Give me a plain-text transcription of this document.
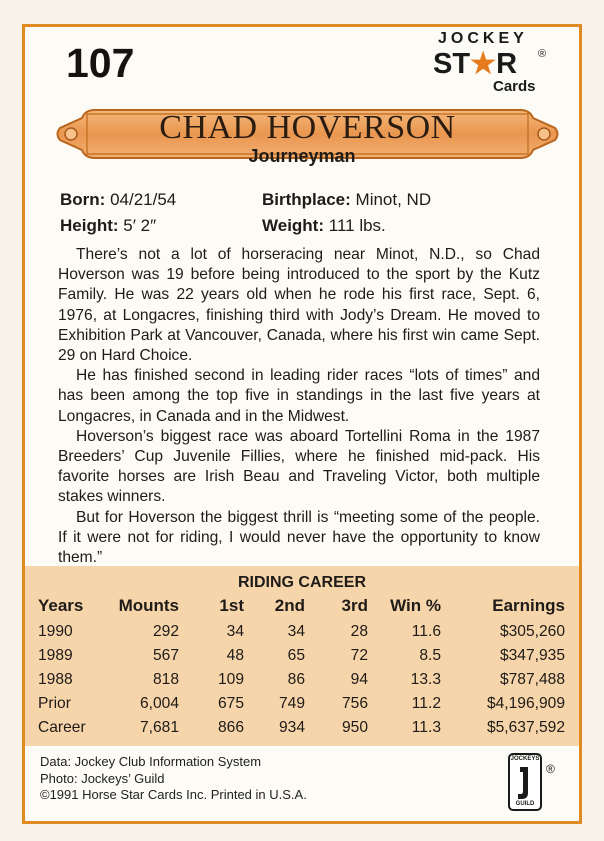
107
JOCKEY
ST★R ®
Cards
CHAD HOVERSON
Journeyman
Born: 04/21/54	Birthplace: Minot, ND
Height: 5′ 2″	Weight: 111 lbs.

There’s not a lot of horseracing near Minot, N.D., so Chad Hoverson was 19 before being introduced to the sport by the Kutz Family. He was 22 years old when he rode his first race, Sept. 6, 1976, at Longacres, finishing third with Jody’s Dream. He moved to Exhibition Park at Vancouver, Canada, where his first win came Sept. 29 on Hard Choice.

He has finished second in leading rider races “lots of times” and has been among the top five in standings in the last five years at Longacres, in Canada and in the Midwest.

Hoverson’s biggest race was aboard Tortellini Roma in the 1987 Breeders’ Cup Juvenile Fillies, where he finished mid-pack. His favorite horses are Irish Beau and Traveling Victor, both multiple stakes winners.

But for Hoverson the biggest thrill is “meeting some of the people. If it were not for riding, I would never have the opportunity to know them.”

RIDING CAREER
Years Mounts 1st 2nd 3rd Win %	Earnings
1990	292	34	34	28	11.6	$305,260
1989	567	48	65	72	8.5	$347,935
1988	818 109	86	94	13.3	$787,488
Prior	6,004 675 749 756	11.2	$4,196,909
Career	7,681 866 934 950	11.3	$5,637,592
Data: Jockey Club Information System
Photo: Jockeys’ Guild
©1991 Horse Star Cards Inc. Printed in U.S.A.
JOCKEYS
GUILD
®
